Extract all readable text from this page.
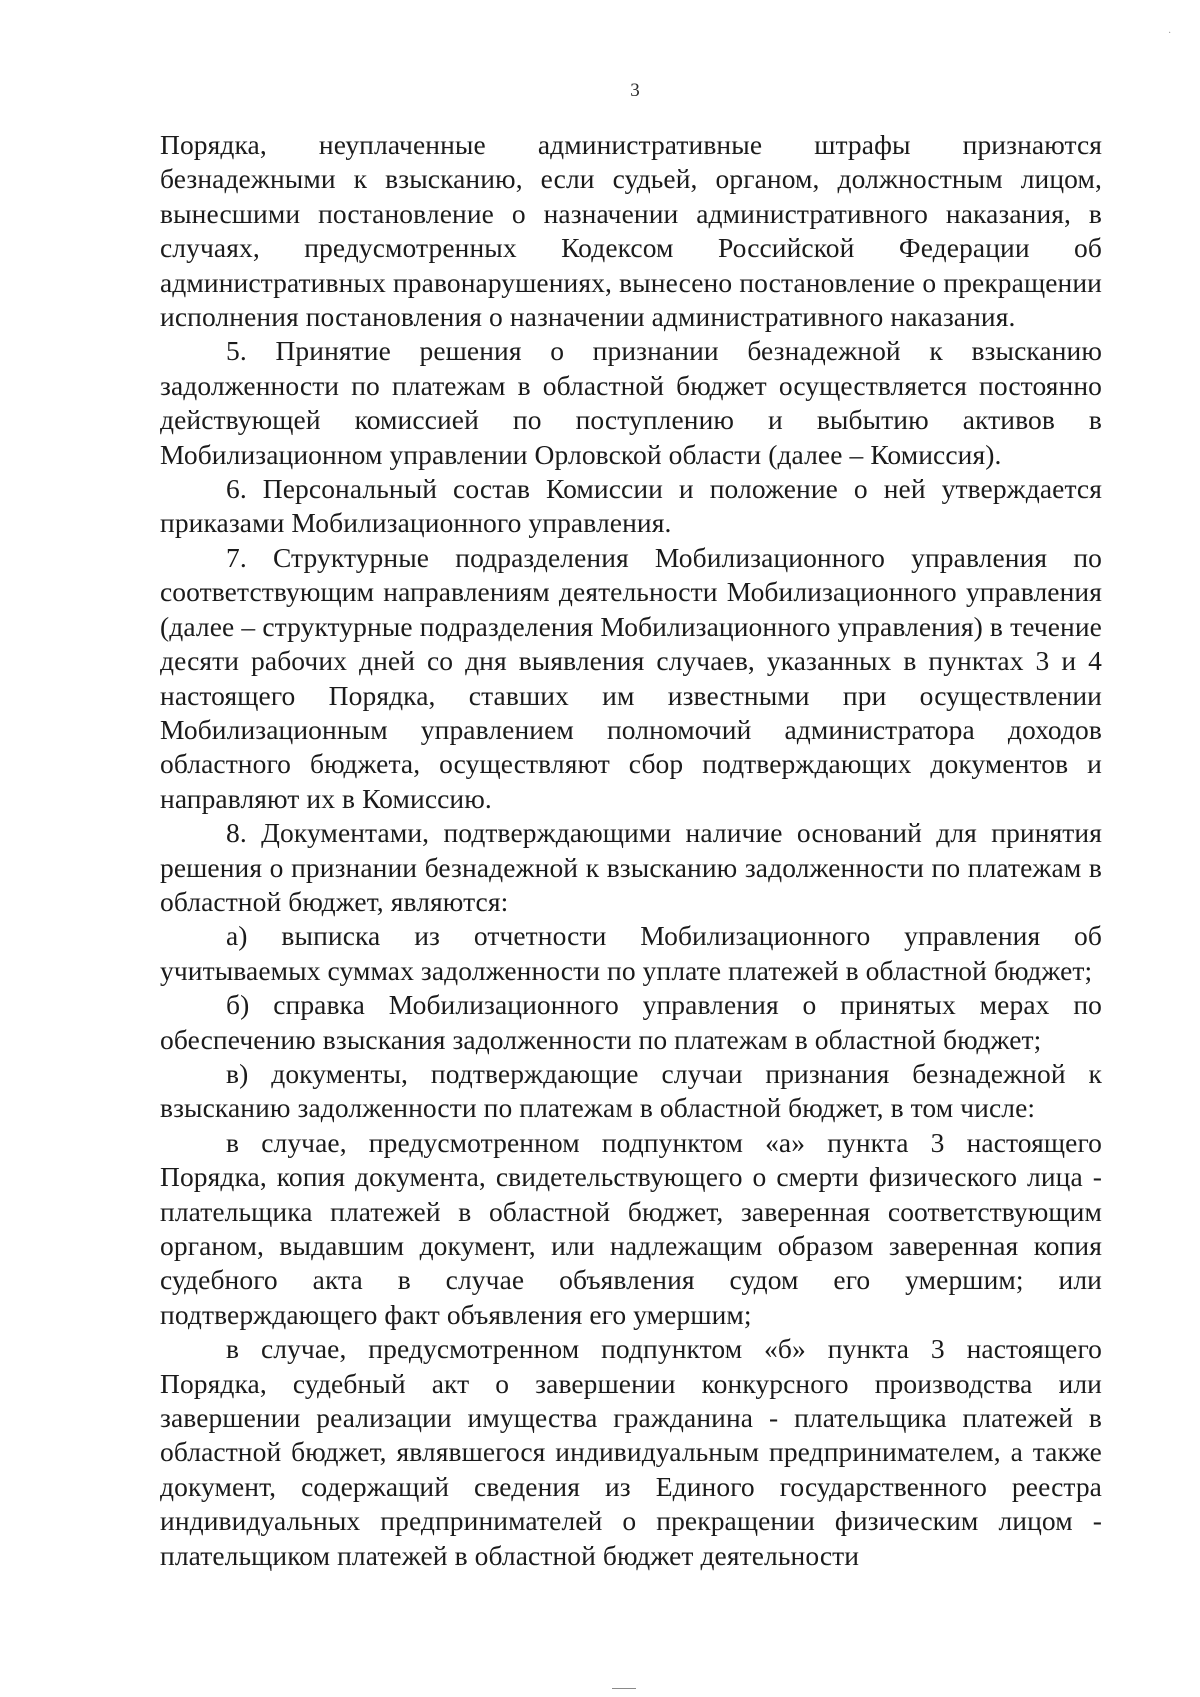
·
3

Порядка, неуплаченные административные штрафы признаются безнадежными к взысканию, если судьей, органом, должностным лицом, вынесшими постановление о назначении административного наказания, в случаях, предусмотренных Кодексом Российской Федерации об административных правонарушениях, вынесено постановление о прекращении исполнения постановления о назначении административного наказания.

5. Принятие решения о признании безнадежной к взысканию задолженности по платежам в областной бюджет осуществляется постоянно действующей комиссией по поступлению и выбытию активов в Мобилизационном управлении Орловской области (далее – Комиссия).

6. Персональный состав Комиссии и положение о ней утверждается приказами Мобилизационного управления.

7. Структурные подразделения Мобилизационного управления по соответствующим направлениям деятельности Мобилизационного управления (далее – структурные подразделения Мобилизационного управления) в течение десяти рабочих дней со дня выявления случаев, указанных в пунктах 3 и 4 настоящего Порядка, ставших им известными при осуществлении Мобилизационным управлением полномочий администратора доходов областного бюджета, осуществляют сбор подтверждающих документов и направляют их в Комиссию.

8. Документами, подтверждающими наличие оснований для принятия решения о признании безнадежной к взысканию задолженности по платежам в областной бюджет, являются:

а) выписка из отчетности Мобилизационного управления об учитываемых суммах задолженности по уплате платежей в областной бюджет;

б) справка Мобилизационного управления о принятых мерах по обеспечению взыскания задолженности по платежам в областной бюджет;

в) документы, подтверждающие случаи признания безнадежной к взысканию задолженности по платежам в областной бюджет, в том числе:

в случае, предусмотренном подпунктом «а» пункта 3 настоящего Порядка, копия документа, свидетельствующего о смерти физического лица - плательщика платежей в областной бюджет, заверенная соответствующим органом, выдавшим документ, или надлежащим образом заверенная копия судебного акта в случае объявления судом его умершим; или подтверждающего факт объявления его умершим;

в случае, предусмотренном подпунктом «б» пункта 3 настоящего Порядка, судебный акт о завершении конкурсного производства или завершении реализации имущества гражданина - плательщика платежей в областной бюджет, являвшегося индивидуальным предпринимателем, а также документ, содержащий сведения из Единого государственного реестра индивидуальных предпринимателей о прекращении физическим лицом - плательщиком платежей в областной бюджет деятельности
